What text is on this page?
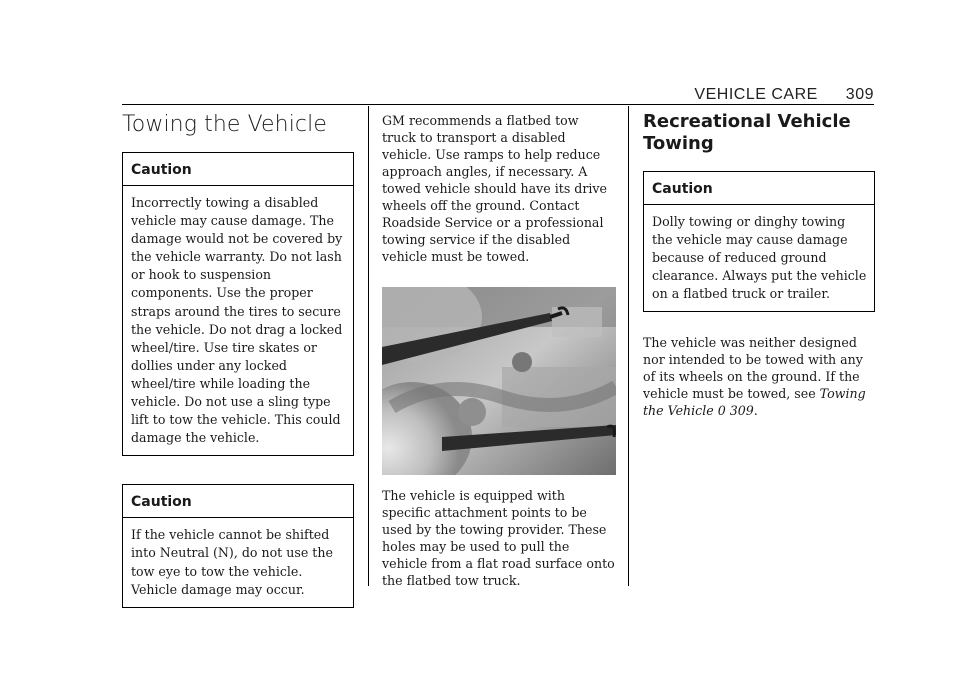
VEHICLE CARE 309
Towing the Vehicle
Caution
Incorrectly towing a disabled vehicle may cause damage. The damage would not be covered by the vehicle warranty. Do not lash or hook to suspension components. Use the proper straps around the tires to secure the vehicle. Do not drag a locked wheel/tire. Use tire skates or dollies under any locked wheel/tire while loading the vehicle. Do not use a sling type lift to tow the vehicle. This could damage the vehicle.
Caution
If the vehicle cannot be shifted into Neutral (N), do not use the tow eye to tow the vehicle. Vehicle damage may occur.

GM recommends a flatbed tow truck to transport a disabled vehicle. Use ramps to help reduce approach angles, if necessary. A towed vehicle should have its drive wheels off the ground. Contact Roadside Service or a professional towing service if the disabled vehicle must be towed.

The vehicle is equipped with specific attachment points to be used by the towing provider. These holes may be used to pull the vehicle from a flat road surface onto the flatbed tow truck.

Recreational Vehicle Towing
Caution
Dolly towing or dinghy towing the vehicle may cause damage because of reduced ground clearance. Always put the vehicle on a flatbed truck or trailer.

The vehicle was neither designed nor intended to be towed with any of its wheels on the ground. If the vehicle must be towed, see Towing the Vehicle 0 309.
